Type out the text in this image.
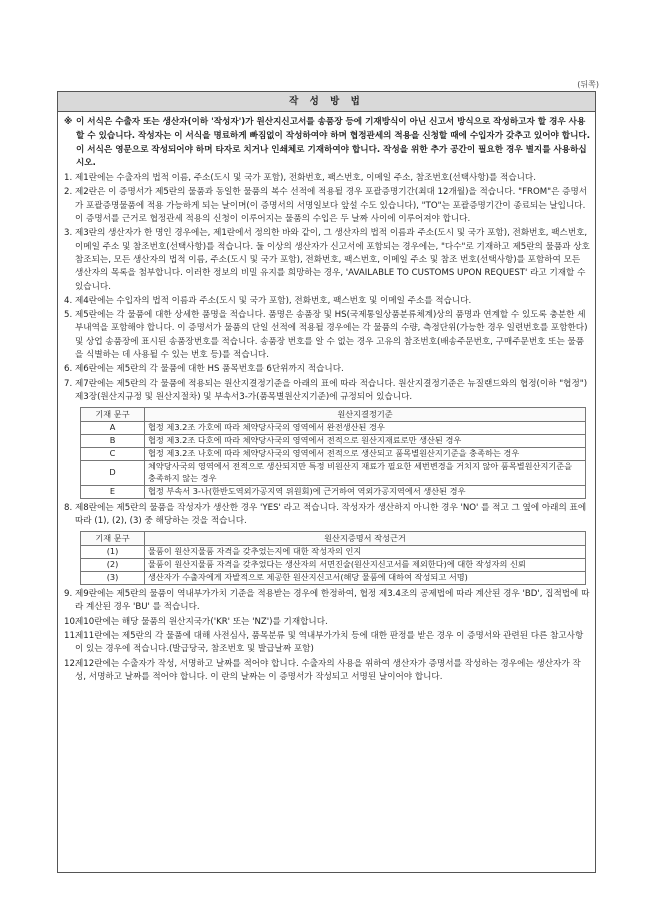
(뒤쪽)
작 성 방 법
※ 이 서식은 수출자 또는 생산자(이하 '작성자')가 원산지신고서를 송품장 등에 기재방식이 아닌 신고서 방식으로 작성하고자 할 경우 사용할 수 있습니다. 작성자는 이 서식을 명료하게 빠짐없이 작성하여야 하며 협정관세의 적용을 신청할 때에 수입자가 갖추고 있어야 합니다. 이 서식은 영문으로 작성되어야 하며 타자로 치거나 인쇄체로 기재하여야 합니다. 작성을 위한 추가 공간이 필요한 경우 별지를 사용하십시오.
1. 제1란에는 수출자의 법적 이름, 주소(도시 및 국가 포함), 전화번호, 팩스번호, 이메일 주소, 참조번호(선택사항)를 적습니다.
2. 제2란은 이 증명서가 제5란의 물품과 동일한 물품의 복수 선적에 적용될 경우 포괄증명기간(최대 12개월)을 적습니다. "FROM"은 증명서가 포괄증명물품에 적용 가능하게 되는 날이며(이 증명서의 서명일보다 앞설 수도 있습니다), "TO"는 포괄증명기간이 종료되는 날입니다. 이 증명서를 근거로 협정관세 적용의 신청이 이루어지는 물품의 수입은 두 날짜 사이에 이루어져야 합니다.
3. 제3란의 생산자가 한 명인 경우에는, 제1란에서 정의한 바와 같이, 그 생산자의 법적 이름과 주소(도시 및 국가 포함), 전화번호, 팩스번호, 이메일 주소 및 참조번호(선택사항)를 적습니다. 둘 이상의 생산자가 신고서에 포함되는 경우에는, "다수"로 기재하고 제5란의 물품과 상호 참조되는, 모든 생산자의 법적 이름, 주소(도시 및 국가 포함), 전화번호, 팩스번호, 이메일 주소 및 참조 번호(선택사항)를 포함하여 모든 생산자의 목록을 첨부합니다. 이러한 정보의 비밀 유지를 희망하는 경우, 'AVAILABLE TO CUSTOMS UPON REQUEST' 라고 기재할 수 있습니다.
4. 제4란에는 수입자의 법적 이름과 주소(도시 및 국가 포함), 전화번호, 팩스번호 및 이메일 주소를 적습니다.
5. 제5란에는 각 물품에 대한 상세한 품명을 적습니다. 품명은 송품장 및 HS(국제통일상품분류체계)상의 품명과 연계할 수 있도록 충분한 세부내역을 포함해야 합니다. 이 증명서가 물품의 단일 선적에 적용될 경우에는 각 물품의 수량, 측정단위(가능한 경우 일련번호를 포함한다) 및 상업 송품장에 표시된 송품장번호를 적습니다. 송품장 번호를 알 수 없는 경우 고유의 참조번호(배송주문번호, 구매주문번호 또는 물품을 식별하는 데 사용될 수 있는 번호 등)를 적습니다.
6. 제6란에는 제5란의 각 물품에 대한 HS 품목번호를 6단위까지 적습니다.
7. 제7란에는 제5란의 각 물품에 적용되는 원산지결정기준을 아래의 표에 따라 적습니다. 원산지결정기준은 뉴질랜드와의 협정(이하 "협정") 제3장(원산지규정 및 원산지절차) 및 부속서3-가(품목별원산지기준)에 규정되어 있습니다.
기재 문구	원산지결정기준
A	협정 제3.2조 가호에 따라 체약당사국의 영역에서 완전생산된 경우
B	협정 제3.2조 다호에 따라 체약당사국의 영역에서 전적으로 원산지재료로만 생산된 경우
C	협정 제3.2조 나호에 따라 체약당사국의 영역에서 전적으로 생산되고 품목별원산지기준을 충족하는 경우
D	체약당사국의 영역에서 전적으로 생산되지만 특정 비원산지 재료가 필요한 세번변경을 거치지 않아 품목별원산지기준을 충족하지 않는 경우
E	협정 부속서 3-나(한반도역외가공지역 위원회)에 근거하여 역외가공지역에서 생산된 경우
8. 제8란에는 제5란의 물품을 작성자가 생산한 경우 'YES' 라고 적습니다. 작성자가 생산하지 아니한 경우 'NO' 를 적고 그 옆에 아래의 표에 따라 (1), (2), (3) 중 해당하는 것을 적습니다.
기재 문구	원산지증명서 작성근거
(1)	물품이 원산지물품 자격을 갖추었는지에 대한 작성자의 인지
(2)	물품이 원산지물품 자격을 갖추었다는 생산자의 서면진술(원산지신고서를 제외한다)에 대한 작성자의 신뢰
(3)	생산자가 수출자에게 자발적으로 제공한 원산지신고서(해당 물품에 대하여 작성되고 서명)
9. 제9란에는 제5란의 물품이 역내부가가치 기준을 적용받는 경우에 한정하여, 협정 제3.4조의 공제법에 따라 계산된 경우 'BD', 집적법에 따라 계산된 경우 'BU' 를 적습니다.
10.
제10란에는 해당 물품의 원산지국가('KR' 또는 'NZ')를 기재합니다.
11.
제11란에는 제5란의 각 물품에 대해 사전심사, 품목분류 및 역내부가가치 등에 대한 판정를 받은 경우 이 증명서와 관련된 다른 참고사항이 있는 경우에 적습니다.(발급당국, 참조번호 및 발급날짜 포함)
12.
제12란에는 수출자가 작성, 서명하고 날짜를 적어야 합니다. 수출자의 사용을 위하여 생산자가 증명서를 작성하는 경우에는 생산자가 작성, 서명하고 날짜를 적어야 합니다. 이 란의 날짜는 이 증명서가 작성되고 서명된 날이어야 합니다.
